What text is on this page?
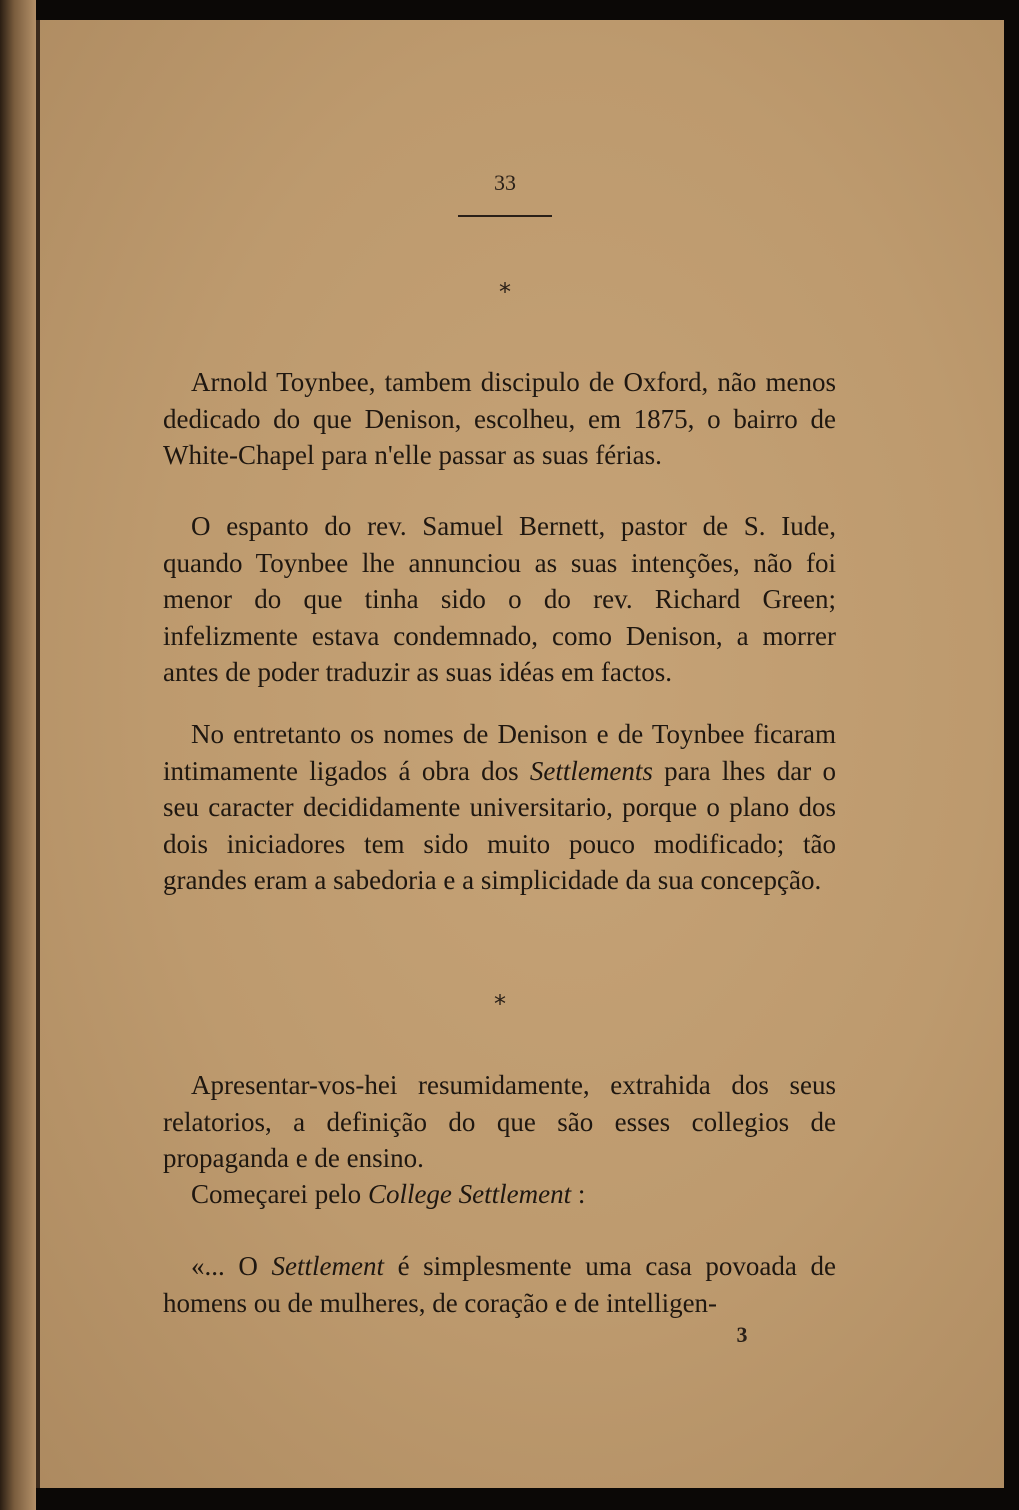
33
*

Arnold Toynbee, tambem discipulo de Oxford, não menos dedicado do que Denison, escolheu, em 1875, o bairro de White-Chapel para n'elle passar as suas férias.

O espanto do rev. Samuel Bernett, pastor de S. Iude, quando Toynbee lhe annunciou as suas intenções, não foi menor do que tinha sido o do rev. Richard Green; infelizmente estava condemnado, como Denison, a morrer antes de poder traduzir as suas idéas em factos.

No entretanto os nomes de Denison e de Toynbee ficaram intimamente ligados á obra dos Settlements para lhes dar o seu caracter decididamente universitario, porque o plano dos dois iniciadores tem sido muito pouco modificado; tão grandes eram a sabedoria e a simplicidade da sua concepção.

*

Apresentar-vos-hei resumidamente, extrahida dos seus relatorios, a definição do que são esses collegios de propaganda e de ensino.

Começarei pelo College Settlement :

«... O Settlement é simplesmente uma casa povoada de homens ou de mulheres, de coração e de intelligen-

3
